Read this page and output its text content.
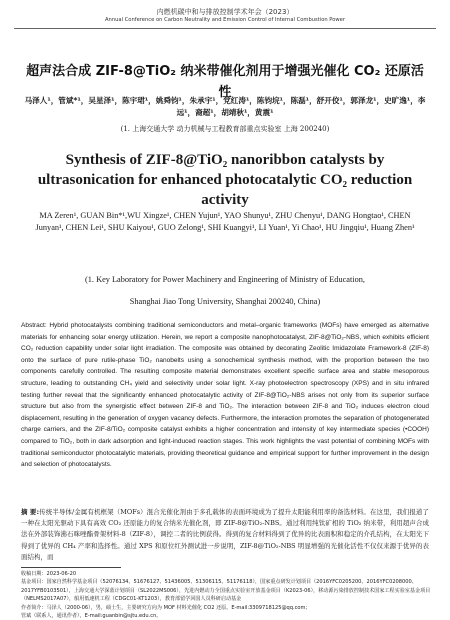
内燃机碳中和与排放控制学术年会（2023）
Annual Conference on Carbon Neutrality and Emission Control of Internal Combustion Power
超声法合成 ZIF-8@TiO₂ 纳米带催化剂用于增强光催化 CO₂ 还原活性
马泽人¹，管斌*¹，吴星泽¹，陈宇珺¹，姚舜钧¹，朱承宇¹，党红涛¹，陈钧垸¹，陈磊¹，舒开佼¹，郭泽龙¹，史旷逸¹，李远¹，裔超¹，胡靖秋¹，黄震¹
(1. 上海交通大学 动力机械与工程教育部重点实验室 上海 200240)
Synthesis of ZIF-8@TiO₂ nanoribbon catalysts by ultrasonication for enhanced photocatalytic CO₂ reduction activity
MA Zeren¹, GUAN Bin*¹,WU Xingze¹, CHEN Yujun¹, YAO Shunyu¹, ZHU Chenyu¹, DANG Hongtao¹, CHEN Junyan¹, CHEN Lei¹, SHU Kaiyou¹, GUO Zelong¹, SHI Kuangyi¹, LI Yuan¹, Yi Chao¹, HU Jingqiu¹, Huang Zhen¹
(1. Key Laboratory for Power Machinery and Engineering of Ministry of Education,
Shanghai Jiao Tong University, Shanghai 200240, China)

Abstract: Hybrid photocatalysts combining traditional semiconductors and metal–organic frameworks (MOFs) have emerged as alternative materials for enhancing solar energy utilization. Herein, we report a composite nanophotocatalyst, ZIF-8@TiO₂-NBS, which exhibits efficient CO₂ reduction capability under solar light irradiation. The composite was obtained by decorating Zeolitic Imidazolate Framework-8 (ZIF-8) onto the surface of pure rutile-phase TiO₂ nanobelts using a sonochemical synthesis method, with the proportion between the two components carefully controlled. The resulting composite material demonstrates excellent specific surface area and stable mesoporous structure, leading to outstanding CH₄ yield and selectivity under solar light. X-ray photoelectron spectroscopy (XPS) and in situ infrared testing further reveal that the significantly enhanced photocatalytic activity of ZIF-8@TiO₂-NBS arises not only from its superior surface structure but also from the synergistic effect between ZIF-8 and TiO₂. The interaction between ZIF-8 and TiO₂ induces electron cloud displacement, resulting in the generation of oxygen vacancy defects. Furthermore, the interaction promotes the separation of photogenerated charge carriers, and the ZIF-8/TiO₂ composite catalyst exhibits a higher concentration and intensity of key intermediate species (•COOH) compared to TiO₂, both in dark adsorption and light-induced reaction stages. This work highlights the vast potential of combining MOFs with traditional semiconductor photocatalytic materials, providing theoretical guidance and empirical support for further improvement in the design and selection of photocatalysts.

摘 要:传统半导体/金属有机框架（MOFs）混合光催化剂由于多孔载体的表面环境成为了提升太阳能利用率的备选材料。在这里，我们报道了一种在太阳光驱动下具有高效 CO₂ 还原能力的复合纳米光催化剂，即 ZIF-8@TiO₂-NBS。通过利用纯钛矿相的 TiO₂ 纳米带，利用超声合成法在外部装饰沸石咪唑酯骨架材料-8（ZIF-8），调控二者的比例获得。得到的复合材料得到了优异的比表面积和稳定的介孔结构，在太阳光下得到了优异的 CH₄ 产率和选择性。通过 XPS 和原位红外测试进一步说明，ZIF-8@TiO₂-NBS 明显增强的光催化活性不仅仅来源于优异的表面结构，而

收稿日期：2023-06-20

基金项目：国家自然科学基金项目（52076134、51676127、51436005、51306115、51176118），国家重点研发计划项目（2016YFC0205200、2016YFC0208000、2017YFB0103501），上海交通大学深蓝计划项目（SL2022MS006），先进内燃动力全国重点实验室开放基金项目（K2023-06），移动源污染排放控制技术国家工程实验室基金项目（NELMS2017A07），船用低速机工程（CDGC01-KT1203），教育部留学回国人员科研启动基金

作者简介：马泽人（2000-06），男，硕士生，主要研究方向为 MOF 材料光催化 CO2 还原。E-mail:3309718125@qq.com；

管斌（联系人，通讯作者），E-mail:guanbin@sjtu.edu.cn。
